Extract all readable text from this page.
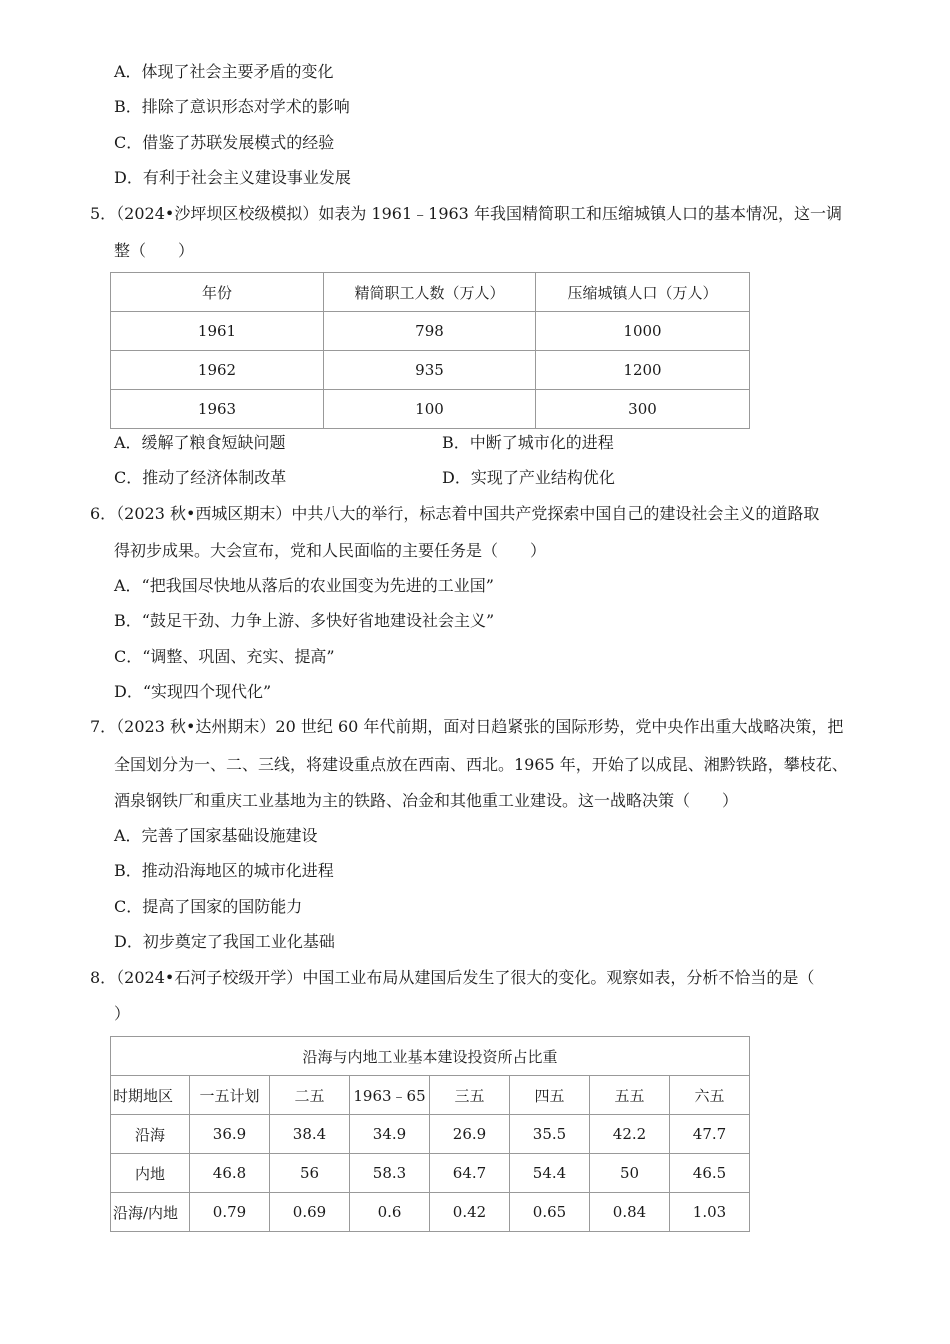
A．体现了社会主要矛盾的变化
B．排除了意识形态对学术的影响
C．借鉴了苏联发展模式的经验
D．有利于社会主义建设事业发展
5．（2024•沙坪坝区校级模拟）如表为 1961﹣1963 年我国精简职工和压缩城镇人口的基本情况，这一调
整（　　）
年份	精简职工人数（万人）	压缩城镇人口（万人）
1961	798	1000
1962	935	1200
1963	100	300
A．缓解了粮食短缺问题	B．中断了城市化的进程
C．推动了经济体制改革	D．实现了产业结构优化
6．（2023 秋•西城区期末）中共八大的举行，标志着中国共产党探索中国自己的建设社会主义的道路取
得初步成果。大会宣布，党和人民面临的主要任务是（　　）
A．“把我国尽快地从落后的农业国变为先进的工业国”
B．“鼓足干劲、力争上游、多快好省地建设社会主义”
C．“调整、巩固、充实、提高”
D．“实现四个现代化”
7．（2023 秋•达州期末）20 世纪 60 年代前期，面对日趋紧张的国际形势，党中央作出重大战略决策，把
全国划分为一、二、三线，将建设重点放在西南、西北。1965 年，开始了以成昆、湘黔铁路，攀枝花、
酒泉钢铁厂和重庆工业基地为主的铁路、冶金和其他重工业建设。这一战略决策（　　）
A．完善了国家基础设施建设
B．推动沿海地区的城市化进程
C．提高了国家的国防能力
D．初步奠定了我国工业化基础
8．（2024•石河子校级开学）中国工业布局从建国后发生了很大的变化。观察如表，分析不恰当的是（
）
沿海与内地工业基本建设投资所占比重							
时期地区	一五计划	二五	1963﹣65	三五	四五	五五	六五
沿海	36.9	38.4	34.9	26.9	35.5	42.2	47.7
内地	46.8	56	58.3	64.7	54.4	50	46.5
沿海/内地	0.79	0.69	0.6	0.42	0.65	0.84	1.03
